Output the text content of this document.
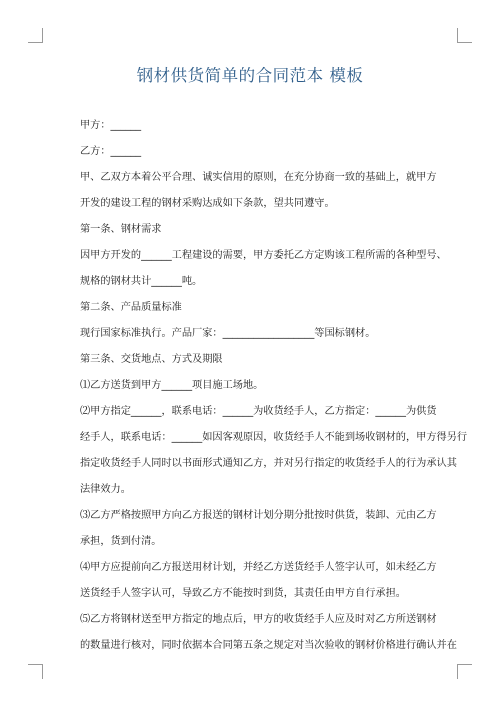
钢材供货简单的合同范本 模板

甲方：______

乙方：______

甲、乙双方本着公平合理、诚实信用的原则，在充分协商一致的基础上，就甲方

开发的建设工程的钢材采购达成如下条款，望共同遵守。

第一条、钢材需求

因甲方开发的______工程建设的需要，甲方委托乙方定购该工程所需的各种型号、

规格的钢材共计______吨。

第二条、产品质量标准

现行国家标准执行。产品厂家：__________________等国标钢材。

第三条、交货地点、方式及期限

⑴乙方送货到甲方______项目施工场地。

⑵甲方指定______，联系电话：______为收货经手人，乙方指定：______为供货

经手人，联系电话：______如因客观原因，收货经手人不能到场收钢材的，甲方得另行

指定收货经手人同时以书面形式通知乙方，并对另行指定的收货经手人的行为承认其

法律效力。

⑶乙方严格按照甲方向乙方报送的钢材计划分期分批按时供货，装卸、元由乙方

承担，货到付清。

⑷甲方应提前向乙方报送用材计划，并经乙方送货经手人签字认可，如未经乙方

送货经手人签字认可，导致乙方不能按时到货，其责任由甲方自行承担。

⑸乙方将钢材送至甲方指定的地点后，甲方的收货经手人应及时对乙方所送钢材

的数量进行核对，同时依据本合同第五条之规定对当次验收的钢材价格进行确认并在
